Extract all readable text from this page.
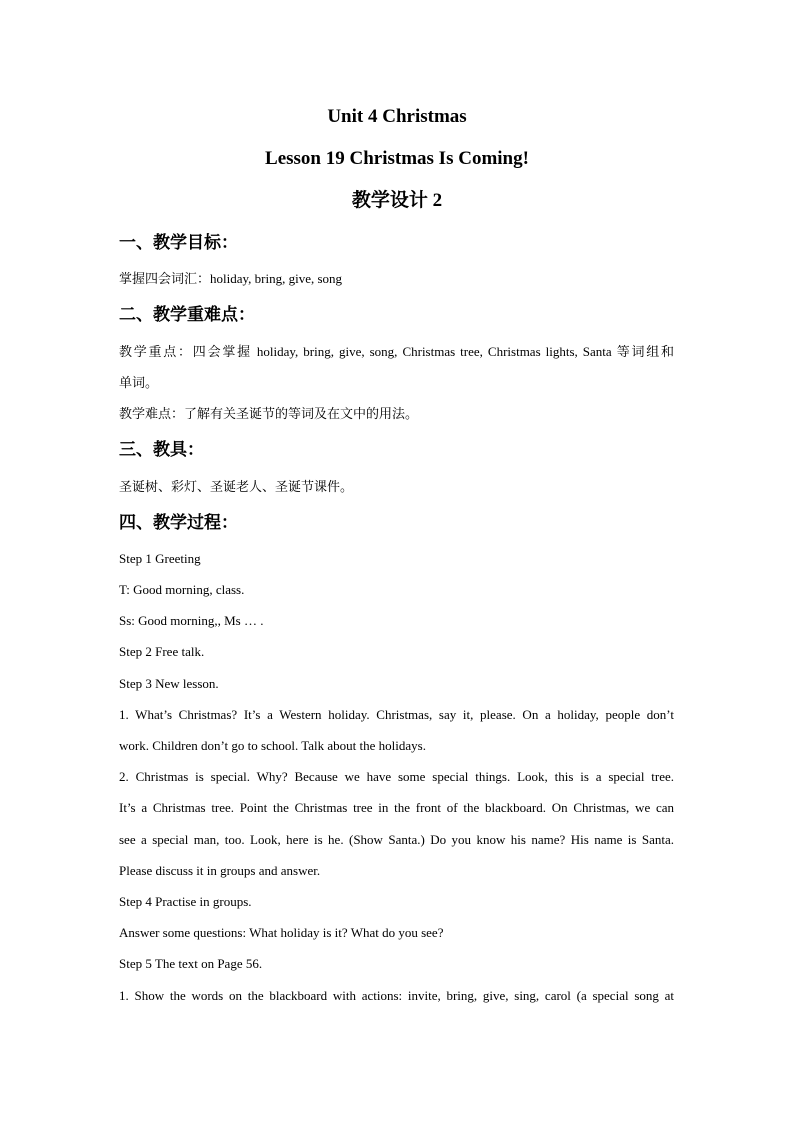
Unit 4 Christmas
Lesson 19 Christmas Is Coming!
教学设计 2
一、教学目标：
掌握四会词汇：holiday, bring, give, song
二、教学重难点：
教学重点：四会掌握 holiday, bring, give, song, Christmas tree, Christmas lights, Santa 等词组和
单词。
教学难点：了解有关圣诞节的等词及在文中的用法。
三、教具：
圣诞树、彩灯、圣诞老人、圣诞节课件。
四、教学过程：
Step 1 Greeting
T: Good morning, class.
Ss: Good morning,, Ms … .
Step 2 Free talk.
Step 3 New lesson.
1. What’s Christmas? It’s a Western holiday. Christmas, say it, please. On a holiday, people don’t
work. Children don’t go to school. Talk about the holidays.
2. Christmas is special. Why? Because we have some special things. Look, this is a special tree.
It’s a Christmas tree. Point the Christmas tree in the front of the blackboard. On Christmas, we can
see a special man, too. Look, here is he. (Show Santa.) Do you know his name? His name is Santa.
Please discuss it in groups and answer.
Step 4 Practise in groups.
Answer some questions: What holiday is it? What do you see?
Step 5 The text on Page 56.
1. Show the words on the blackboard with actions: invite, bring, give, sing, carol (a special song at
